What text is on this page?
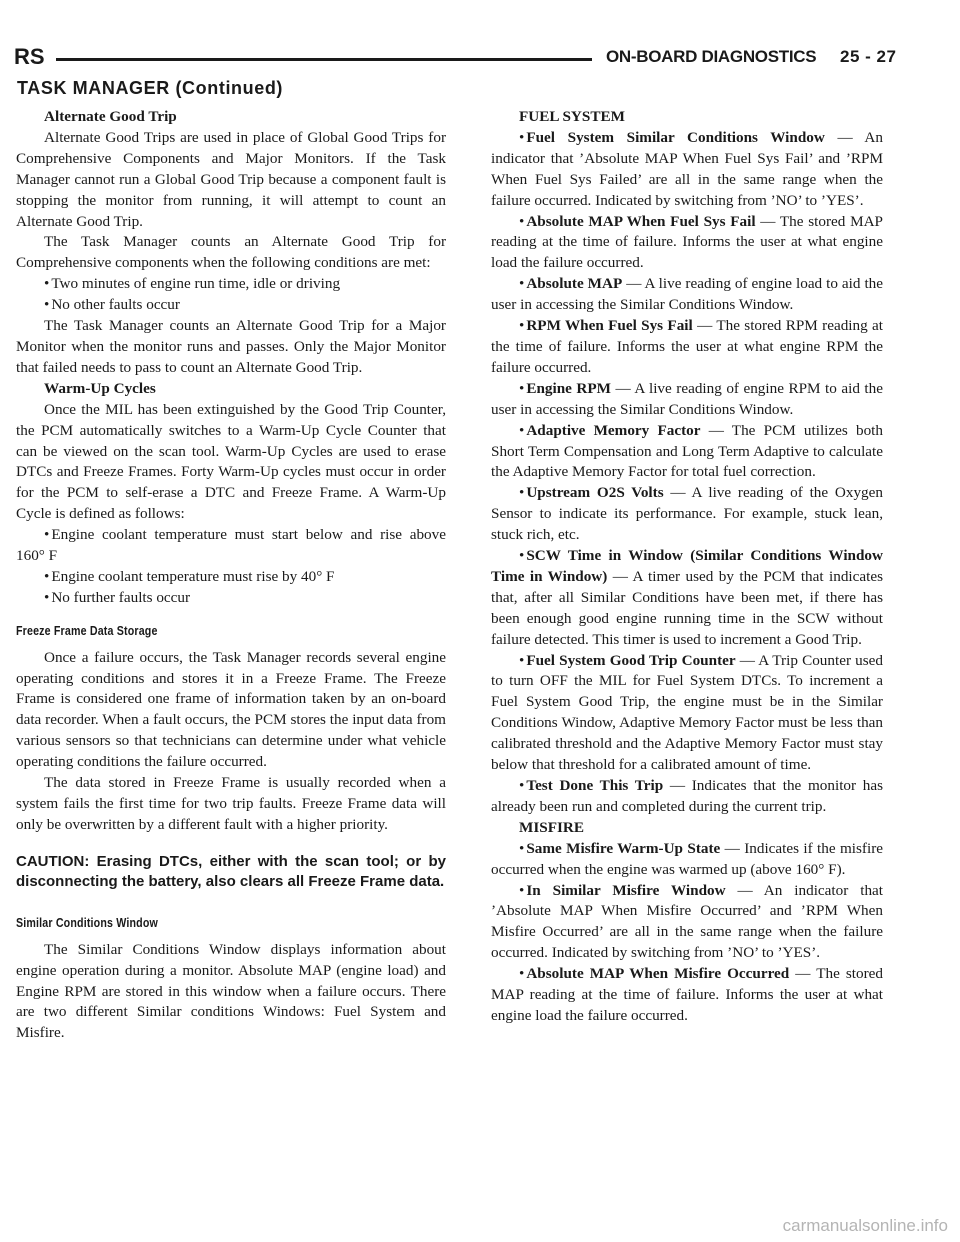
RS	ON-BOARD DIAGNOSTICS 25 - 27
TASK MANAGER (Continued)

Alternate Good Trip

Alternate Good Trips are used in place of Global Good Trips for Comprehensive Components and Major Monitors. If the Task Manager cannot run a Global Good Trip because a component fault is stopping the monitor from running, it will attempt to count an Alternate Good Trip.

The Task Manager counts an Alternate Good Trip for Comprehensive components when the following conditions are met:

• Two minutes of engine run time, idle or driving

• No other faults occur

The Task Manager counts an Alternate Good Trip for a Major Monitor when the monitor runs and passes. Only the Major Monitor that failed needs to pass to count an Alternate Good Trip.

Warm-Up Cycles

Once the MIL has been extinguished by the Good Trip Counter, the PCM automatically switches to a Warm-Up Cycle Counter that can be viewed on the scan tool. Warm-Up Cycles are used to erase DTCs and Freeze Frames. Forty Warm-Up cycles must occur in order for the PCM to self-erase a DTC and Freeze Frame. A Warm-Up Cycle is defined as follows:

• Engine coolant temperature must start below and rise above 160° F

• Engine coolant temperature must rise by 40° F

• No further faults occur

Freeze Frame Data Storage

Once a failure occurs, the Task Manager records several engine operating conditions and stores it in a Freeze Frame. The Freeze Frame is considered one frame of information taken by an on-board data recorder. When a fault occurs, the PCM stores the input data from various sensors so that technicians can determine under what vehicle operating conditions the failure occurred.

The data stored in Freeze Frame is usually recorded when a system fails the first time for two trip faults. Freeze Frame data will only be overwritten by a different fault with a higher priority.

CAUTION: Erasing DTCs, either with the scan tool; or by disconnecting the battery, also clears all Freeze Frame data.
Similar Conditions Window

The Similar Conditions Window displays information about engine operation during a monitor. Absolute MAP (engine load) and Engine RPM are stored in this window when a failure occurs. There are two different Similar conditions Windows: Fuel System and Misfire.

FUEL SYSTEM

• Fuel System Similar Conditions Window — An indicator that ’Absolute MAP When Fuel Sys Fail’ and ’RPM When Fuel Sys Failed’ are all in the same range when the failure occurred. Indicated by switching from ’NO’ to ’YES’.

• Absolute MAP When Fuel Sys Fail — The stored MAP reading at the time of failure. Informs the user at what engine load the failure occurred.

• Absolute MAP — A live reading of engine load to aid the user in accessing the Similar Conditions Window.

• RPM When Fuel Sys Fail — The stored RPM reading at the time of failure. Informs the user at what engine RPM the failure occurred.

• Engine RPM — A live reading of engine RPM to aid the user in accessing the Similar Conditions Window.

• Adaptive Memory Factor — The PCM utilizes both Short Term Compensation and Long Term Adaptive to calculate the Adaptive Memory Factor for total fuel correction.

• Upstream O2S Volts — A live reading of the Oxygen Sensor to indicate its performance. For example, stuck lean, stuck rich, etc.

• SCW Time in Window (Similar Conditions Window Time in Window) — A timer used by the PCM that indicates that, after all Similar Conditions have been met, if there has been enough good engine running time in the SCW without failure detected. This timer is used to increment a Good Trip.

• Fuel System Good Trip Counter — A Trip Counter used to turn OFF the MIL for Fuel System DTCs. To increment a Fuel System Good Trip, the engine must be in the Similar Conditions Window, Adaptive Memory Factor must be less than calibrated threshold and the Adaptive Memory Factor must stay below that threshold for a calibrated amount of time.

• Test Done This Trip — Indicates that the monitor has already been run and completed during the current trip.

MISFIRE

• Same Misfire Warm-Up State — Indicates if the misfire occurred when the engine was warmed up (above 160° F).

• In Similar Misfire Window — An indicator that ’Absolute MAP When Misfire Occurred’ and ’RPM When Misfire Occurred’ are all in the same range when the failure occurred. Indicated by switching from ’NO’ to ’YES’.

• Absolute MAP When Misfire Occurred — The stored MAP reading at the time of failure. Informs the user at what engine load the failure occurred.

carmanualsonline.info
